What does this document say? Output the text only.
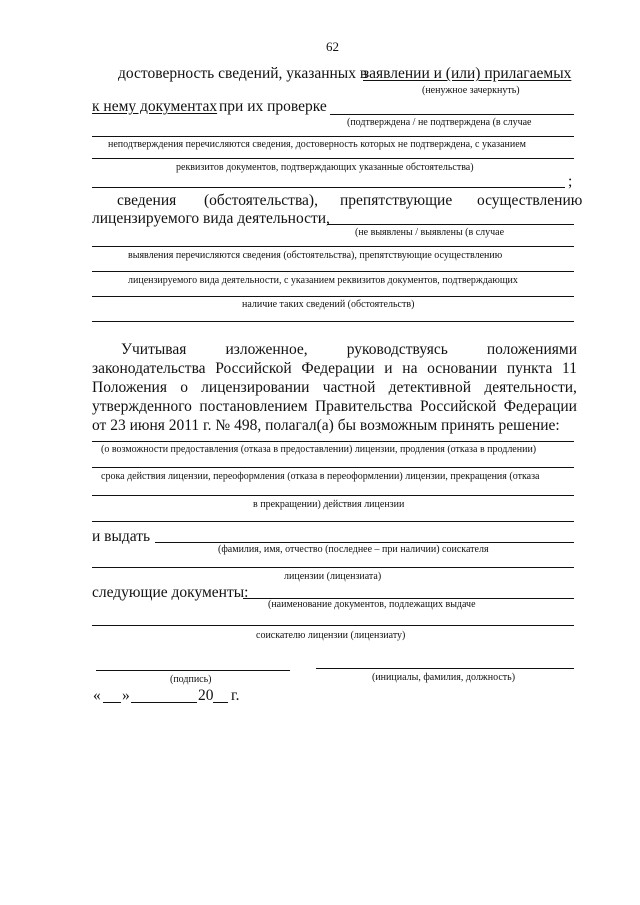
62
достоверность сведений, указанных в
заявлении и (или) прилагаемых
(ненужное зачеркнуть)
к нему документах при их проверке
(подтверждена / не подтверждена (в случае
неподтверждения перечисляются сведения, достоверность которых не подтверждена, с указанием
реквизитов документов, подтверждающих указанные обстоятельства)
;
сведения (обстоятельства), препятствующие осуществлению
лицензируемого вида деятельности,
(не выявлены / выявлены (в случае
выявления перечисляются сведения (обстоятельства), препятствующие осуществлению
лицензируемого вида деятельности, с указанием реквизитов документов, подтверждающих
наличие таких сведений (обстоятельств)
Учитывая	изложенное,	руководствуясь	положениями
законодательства Российской Федерации и на основании пункта 11
Положения о лицензировании частной детективной деятельности,
утвержденного постановлением Правительства Российской Федерации
от 23 июня 2011 г. № 498, полагал(а) бы возможным принять решение:
(о возможности предоставления (отказа в предоставлении) лицензии, продления (отказа в продлении)
срока действия лицензии, переоформления (отказа в переоформлении) лицензии, прекращения (отказа
в прекращении) действия лицензии
и выдать
(фамилия, имя, отчество (последнее – при наличии) соискателя
лицензии (лицензиата)
следующие документы:
(наименование документов, подлежащих выдаче
соискателю лицензии (лицензиату)
(подпись)	(инициалы, фамилия, должность)
« »	20 г.
